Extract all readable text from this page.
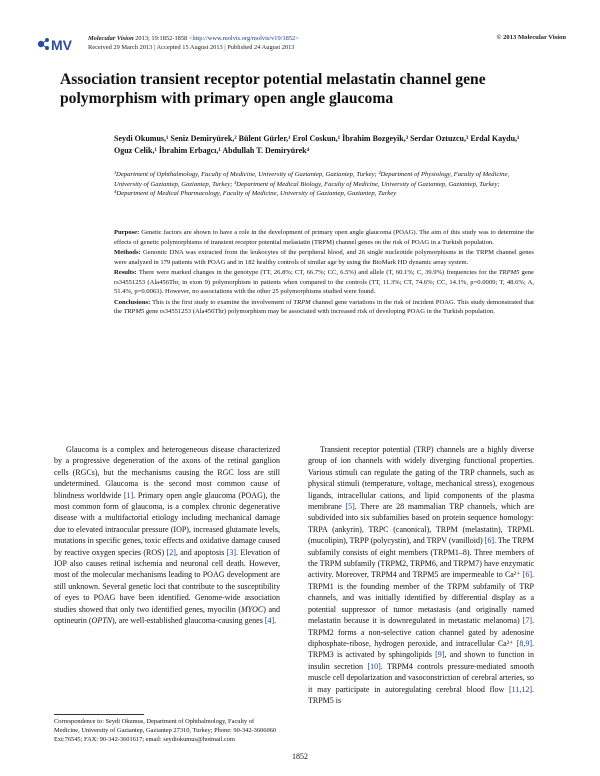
MV	Molecular Vision 2013; 19:1852-1858 <http://www.molvis.org/molvis/v19/1852>
Received 29 March 2013 | Accepted 15 August 2013 | Published 24 August 2013
© 2013 Molecular Vision
Association transient receptor potential melastatin channel gene polymorphism with primary open angle glaucoma

Seydi Okumus,¹ Seniz Demiryürek,² Bülent Gürler,¹ Erol Coskun,¹ İbrahim Bozgeyik,³ Serdar Oztuzcu,³ Erdal Kaydu,¹ Oguz Celik,¹ İbrahim Erbagcı,¹ Abdullah T. Demiryürek⁴

¹Department of Ophthalmology, Faculty of Medicine, University of Gaziantep, Gaziantep, Turkey; ²Department of Physiology, Faculty of Medicine, University of Gaziantep, Gaziantep, Turkey; ³Department of Medical Biology, Faculty of Medicine, University of Gaziantep, Gaziantep, Turkey; ⁴Department of Medical Pharmacology, Faculty of Medicine, University of Gaziantep, Gaziantep, Turkey

Purpose: Genetic factors are shown to have a role in the development of primary open angle glaucoma (POAG). The aim of this study was to determine the effects of genetic polymorphisms of transient receptor potential melastatin (TRPM) channel genes on the risk of POAG in a Turkish population.

Methods: Genomic DNA was extracted from the leukocytes of the peripheral blood, and 26 single nucleotide polymorphisms in the TRPM channel genes were analyzed in 179 patients with POAG and in 182 healthy controls of similar age by using the BioMark HD dynamic array system.

Results: There were marked changes in the genotype (TT, 26.8%; CT, 66.7%; CC, 6.5%) and allele (T, 60.1%; C, 39.9%) frequencies for the TRPM5 gene rs34551253 (Ala456Thr, in exon 9) polymorphism in patients when compared to the controls (TT, 11.3%; CT, 74.6%; CC, 14.1%, p=0.0009; T, 48.6%; A, 51.4%, p=0.0063). However, no associations with the other 25 polymorphisms studied were found.

Conclusions: This is the first study to examine the involvement of TRPM channel gene variations in the risk of incident POAG. This study demonstrated that the TRPM5 gene rs34551253 (Ala456Thr) polymorphism may be associated with increased risk of developing POAG in the Turkish population.

Glaucoma is a complex and heterogeneous disease characterized by a progressive degeneration of the axons of the retinal ganglion cells (RGCs), but the mechanisms causing the RGC loss are still undetermined. Glaucoma is the second most common cause of blindness worldwide [1]. Primary open angle glaucoma (POAG), the most common form of glaucoma, is a complex chronic degenerative disease with a multifactorial etiology including mechanical damage due to elevated intraocular pressure (IOP), increased glutamate levels, mutations in specific genes, toxic effects and oxidative damage caused by reactive oxygen species (ROS) [2], and apoptosis [3]. Elevation of IOP also causes retinal ischemia and neuronal cell death. However, most of the molecular mechanisms leading to POAG development are still unknown. Several genetic loci that contribute to the susceptibility of eyes to POAG have been identified. Genome-wide association studies showed that only two identified genes, myocilin (MYOC) and optineurin (OPTN), are well-established glaucoma-causing genes [4].

Transient receptor potential (TRP) channels are a highly diverse group of ion channels with widely diverging functional properties. Various stimuli can regulate the gating of the TRP channels, such as physical stimuli (temperature, voltage, mechanical stress), exogenous ligands, intracellular cations, and lipid components of the plasma membrane [5]. There are 28 mammalian TRP channels, which are subdivided into six subfamilies based on protein sequence homology: TRPA (ankyrin), TRPC (canonical), TRPM (melastatin), TRPML (mucolipin), TRPP (polycystin), and TRPV (vanilloid) [6]. The TRPM subfamily consists of eight members (TRPM1–8). Three members of the TRPM subfamily (TRPM2, TRPM6, and TRPM7) have enzymatic activity. Moreover, TRPM4 and TRPM5 are impermeable to Ca²⁺ [6]. TRPM1 is the founding member of the TRPM subfamily of TRP channels, and was initially identified by differential display as a potential suppressor of tumor metastasis (and originally named melastatin because it is downregulated in metastatic melanoma) [7]. TRPM2 forms a non-selective cation channel gated by adenosine diphosphate-ribose, hydrogen peroxide, and intracellular Ca²⁺ [8,9]. TRPM3 is activated by sphingolipids [9], and shown to function in insulin secretion [10]. TRPM4 controls pressure-mediated smooth muscle cell depolarization and vasoconstriction of cerebral arteries, so it may participate in autoregulating cerebral blood flow [11,12]. TRPM5 is

Correspondence to: Seydi Okumus, Department of Ophthalmology, Faculty of Medicine, University of Gaziantep, Gaziantep 27310, Turkey; Phone: 90-342-3606060 Ext:76545; FAX: 90-342-3601617; email: seydiokumus@hotmail.com

1852
